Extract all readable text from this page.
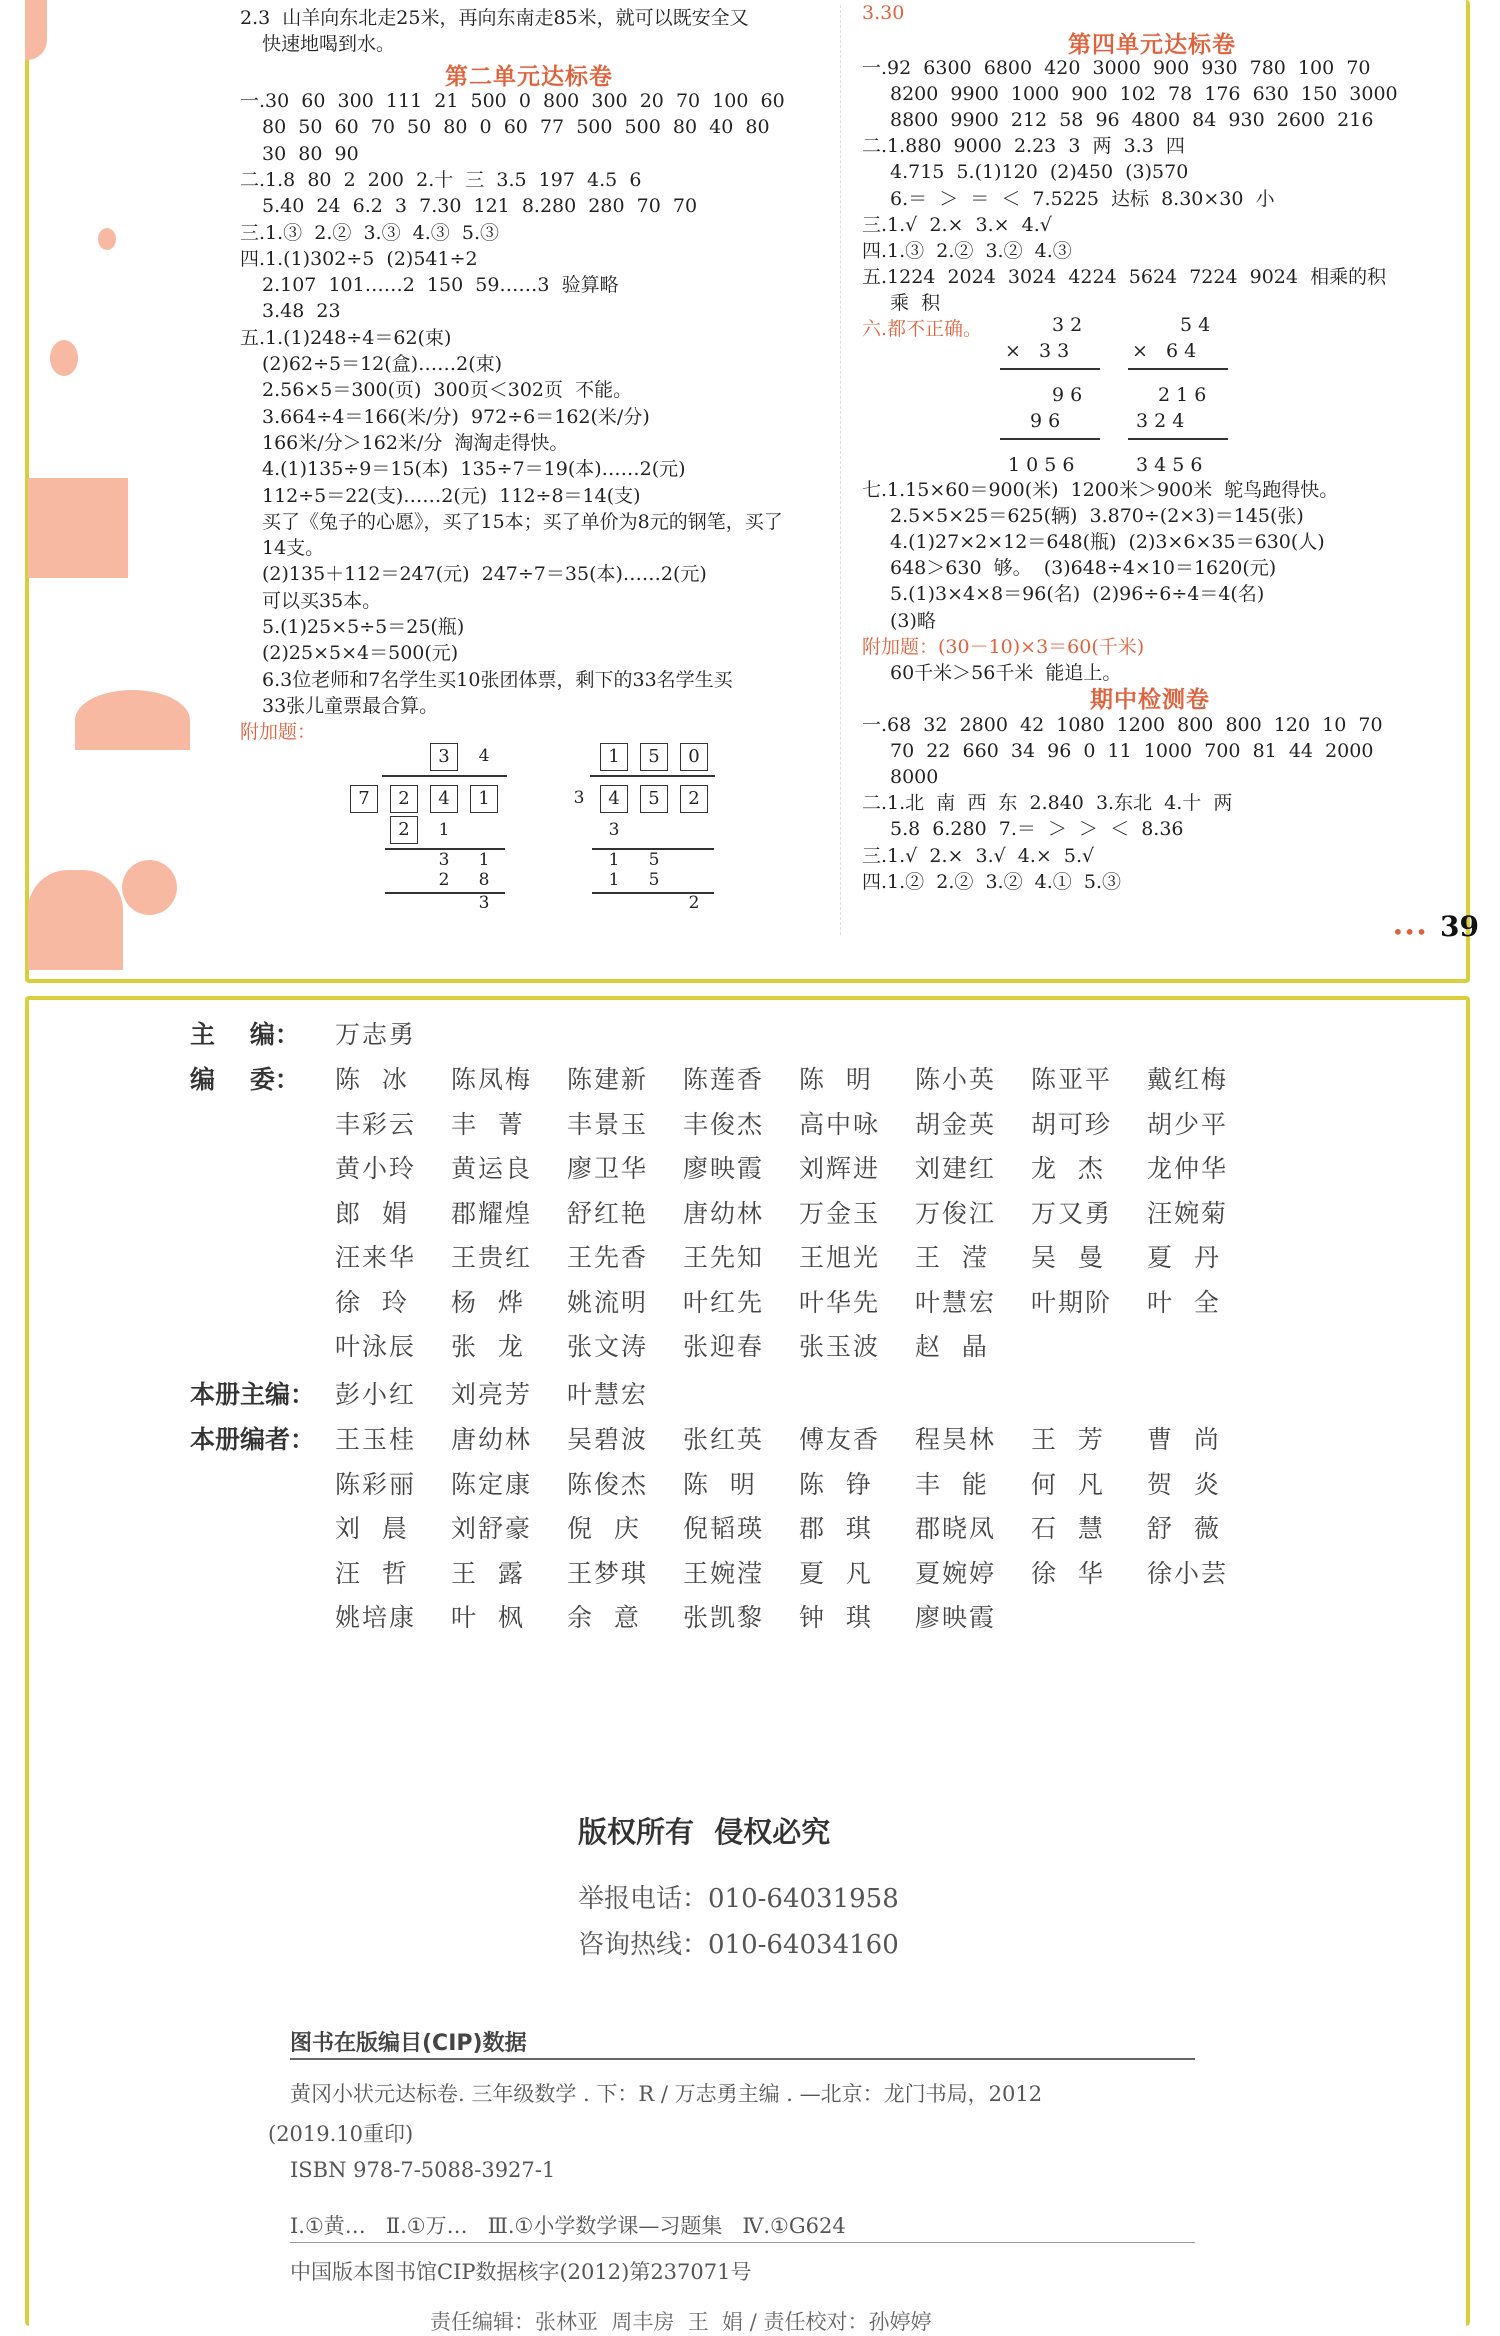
2.3  山羊向东北走25米，再向东南走85米，就可以既安全又
快速地喝到水。
第二单元达标卷
一.30  60  300  111  21  500  0  800  300  20  70  100  60
80  50  60  70  50  80  0  60  77  500  500  80  40  80
30  80  90
二.1.8  80  2  200  2.十  三  3.5  197  4.5  6
5.40  24  6.2  3  7.30  121  8.280  280  70  70
三.1.③  2.②  3.③  4.③  5.③
四.1.(1)302÷5  (2)541÷2
2.107  101……2  150  59……3  验算略
3.48  23
五.1.(1)248÷4＝62(束)
(2)62÷5＝12(盒)……2(束)
2.56×5＝300(页)  300页＜302页  不能。
3.664÷4＝166(米/分)  972÷6＝162(米/分)
166米/分＞162米/分  淘淘走得快。
4.(1)135÷9＝15(本)  135÷7＝19(本)……2(元)
112÷5＝22(支)……2(元)  112÷8＝14(支)
买了《兔子的心愿》，买了15本；买了单价为8元的钢笔，买了
14支。
(2)135＋112＝247(元)  247÷7＝35(本)……2(元)
可以买35本。
5.(1)25×5÷5＝25(瓶)
(2)25×5×4＝500(元)
6.3位老师和7名学生买10张团体票，剩下的33名学生买
33张儿童票最合算。
附加题：
3	4
7	2	4	1
2	1
3	1
2	8
3
1	5	0
3	4	5	2
3
1	5
1	5
2
3.30
第四单元达标卷
一.92  6300  6800  420  3000  900  930  780  100  70
8200  9900  1000  900  102  78  176  630  150  3000
8800  9900  212  58  96  4800  84  930  2600  216
二.1.880  9000  2.23  3  两  3.3  四
4.715  5.(1)120  (2)450  (3)570
6.＝  ＞  ＝  ＜  7.5225  达标  8.30×30  小
三.1.√  2.×  3.×  4.√
四.1.③  2.②  3.②  4.③
五.1224  2024  3024  4224  5624  7224  9024  相乘的积
乘  积
六.都不正确。	3 2
×   3 3
9 6
9 6
1 0 5 6
5 4
×   6 4
2 1 6
3 2 4
3 4 5 6
七.1.15×60＝900(米)  1200米＞900米  鸵鸟跑得快。
2.5×5×25＝625(辆)  3.870÷(2×3)＝145(张)
4.(1)27×2×12＝648(瓶)  (2)3×6×35＝630(人)
648＞630  够。  (3)648÷4×10＝1620(元)
5.(1)3×4×8＝96(名)  (2)96÷6÷4＝4(名)
(3)略
附加题：(30－10)×3＝60(千米)
60千米＞56千米  能追上。
期中检测卷
一.68  32  2800  42  1080  1200  800  800  120  10  70
70  22  660  34  96  0  11  1000  700  81  44  2000
8000
二.1.北  南  西  东  2.840  3.东北  4.十  两
5.8  6.280  7.＝  ＞  ＞  ＜  8.36
三.1.√  2.×  3.√  4.×  5.√
四.1.②  2.②  3.②  4.①  5.③
••• 39
主    编： 万志勇
编    委： 陈  冰 陈凤梅 陈建新 陈莲香 陈  明 陈小英 陈亚平 戴红梅
丰彩云 丰  菁 丰景玉 丰俊杰 高中咏 胡金英 胡可珍 胡少平
黄小玲 黄运良 廖卫华 廖映霞 刘辉进 刘建红 龙  杰 龙仲华
郎  娟 郡耀煌 舒红艳 唐幼林 万金玉 万俊江 万又勇 汪婉菊
汪来华 王贵红 王先香 王先知 王旭光 王  滢 吴  曼 夏  丹
徐  玲 杨  烨 姚流明 叶红先 叶华先 叶慧宏 叶期阶 叶  全
叶泳辰 张  龙 张文涛 张迎春 张玉波 赵  晶
本册主编： 彭小红 刘亮芳 叶慧宏
本册编者： 王玉桂 唐幼林 吴碧波 张红英 傅友香 程昊林 王  芳 曹  尚
陈彩丽 陈定康 陈俊杰 陈  明 陈  铮 丰  能 何  凡 贺  炎
刘  晨 刘舒豪 倪  庆 倪韬瑛 郡  琪 郡晓凤 石  慧 舒  薇
汪  哲 王  露 王梦琪 王婉滢 夏  凡 夏婉婷 徐  华 徐小芸
姚培康 叶  枫 余  意 张凯黎 钟  琪 廖映霞
版权所有  侵权必究
举报电话：010-64031958
咨询热线：010-64034160
图书在版编目(CIP)数据
黄冈小状元达标卷. 三年级数学 . 下：R / 万志勇主编 . —北京：龙门书局，2012
(2019.10重印)
ISBN 978-7-5088-3927-1
Ⅰ.①黄…   Ⅱ.①万…   Ⅲ.①小学数学课—习题集   Ⅳ.①G624
中国版本图书馆CIP数据核字(2012)第237071号
责任编辑：张林亚  周丰房  王  娟 / 责任校对：孙婷婷
